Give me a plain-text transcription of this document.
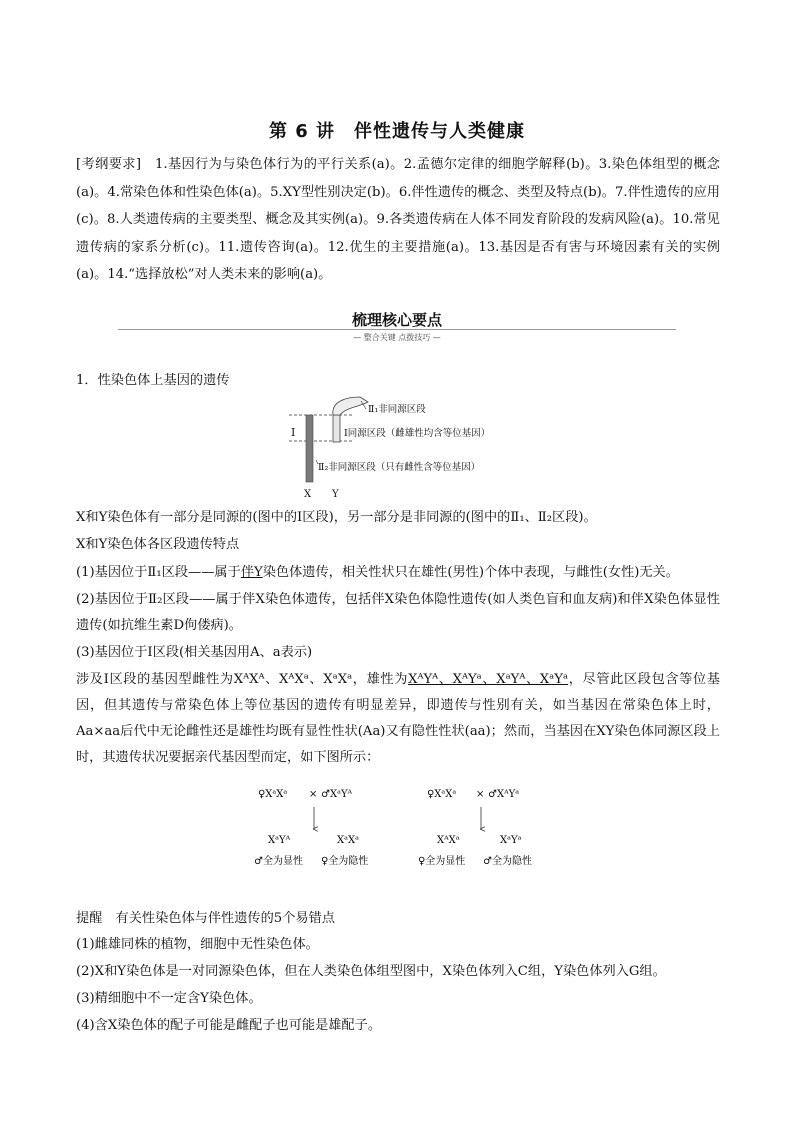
第 6 讲　伴性遗传与人类健康
[考纲要求]　1.基因行为与染色体行为的平行关系(a)。2.孟德尔定律的细胞学解释(b)。3.染色体组型的概念(a)。4.常染色体和性染色体(a)。5.XY型性别决定(b)。6.伴性遗传的概念、类型及特点(b)。7.伴性遗传的应用(c)。8.人类遗传病的主要类型、概念及其实例(a)。9.各类遗传病在人体不同发育阶段的发病风险(a)。10.常见遗传病的家系分析(c)。11.遗传咨询(a)。12.优生的主要措施(a)。13.基因是否有害与环境因素有关的实例(a)。14.“选择放松”对人类未来的影响(a)。
梳理核心要点
— 整合关键 点拨技巧 —
1．性染色体上基因的遗传
Ⅱ₁非同源区段
Ⅰ同源区段（雌雄性均含等位基因）
Ⅱ₂非同源区段（只有雌性含等位基因）
Ⅰ
X Y
X和Y染色体有一部分是同源的(图中的Ⅰ区段)，另一部分是非同源的(图中的Ⅱ₁、Ⅱ₂区段)。
X和Y染色体各区段遗传特点
(1)基因位于Ⅱ₁区段——属于伴Y染色体遗传，相关性状只在雄性(男性)个体中表现，与雌性(女性)无关。
(2)基因位于Ⅱ₂区段——属于伴X染色体遗传，包括伴X染色体隐性遗传(如人类色盲和血友病)和伴X染色体显性遗传(如抗维生素D佝偻病)。
(3)基因位于Ⅰ区段(相关基因用A、a表示)
涉及Ⅰ区段的基因型雌性为XᴬXᴬ、XᴬXᵃ、XᵃXᵃ，雄性为XᴬYᴬ、XᴬYᵃ、XᵃYᴬ、XᵃYᵃ，尽管此区段包含等位基因，但其遗传与常染色体上等位基因的遗传有明显差异，即遗传与性别有关，如当基因在常染色体上时，Aa×aa后代中无论雌性还是雄性均既有显性性状(Aa)又有隐性性状(aa)；然而，当基因在XY染色体同源区段上时，其遗传状况要据亲代基因型而定，如下图所示：
♀XᵃXᵃ × ♂XᵃYᴬ
XᵃYᴬ	XᵃXᵃ
♂全为显性 ♀全为隐性
♀XᵃXᵃ × ♂XᴬYᵃ
XᴬXᵃ	XᵃYᵃ
♀全为显性 ♂全为隐性
提醒　有关性染色体与伴性遗传的5个易错点
(1)雌雄同株的植物，细胞中无性染色体。
(2)X和Y染色体是一对同源染色体，但在人类染色体组型图中，X染色体列入C组，Y染色体列入G组。
(3)精细胞中不一定含Y染色体。
(4)含X染色体的配子可能是雌配子也可能是雄配子。
